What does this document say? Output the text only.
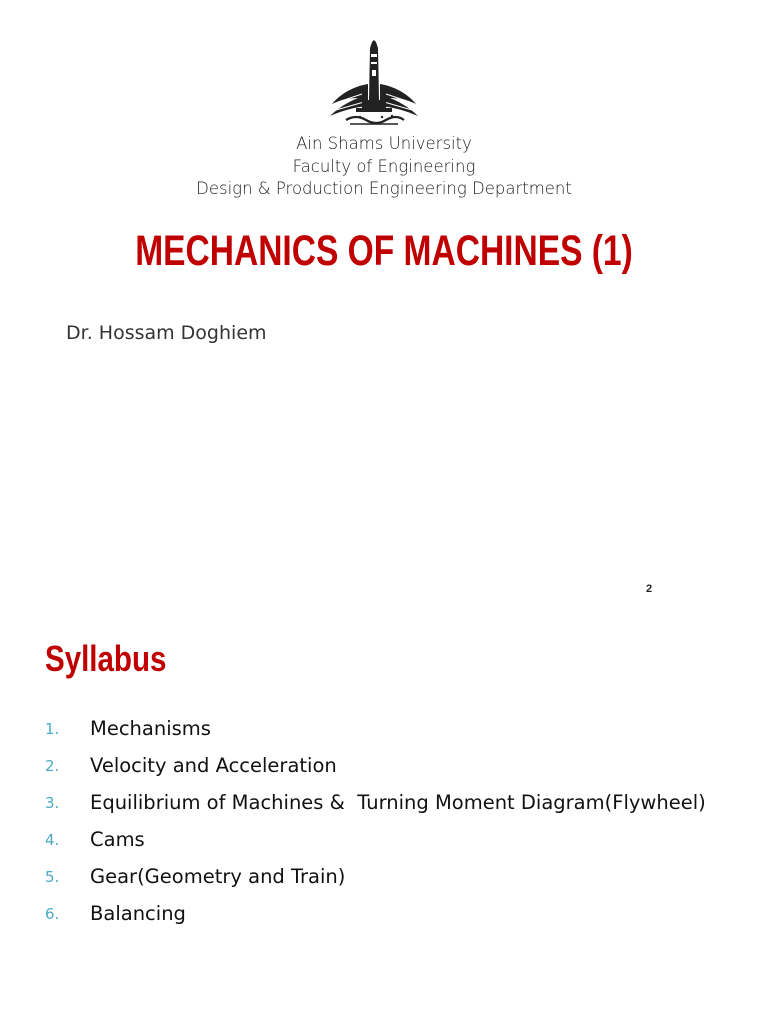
Ain Shams University
Faculty of Engineering
Design & Production Engineering Department
MECHANICS OF MACHINES (1)
Dr. Hossam Doghiem
2
Syllabus
1.	Mechanisms
2.	Velocity and Acceleration
3.	Equilibrium of Machines &  Turning Moment Diagram(Flywheel)
4.	Cams
5.	Gear(Geometry and Train)
6.	Balancing
